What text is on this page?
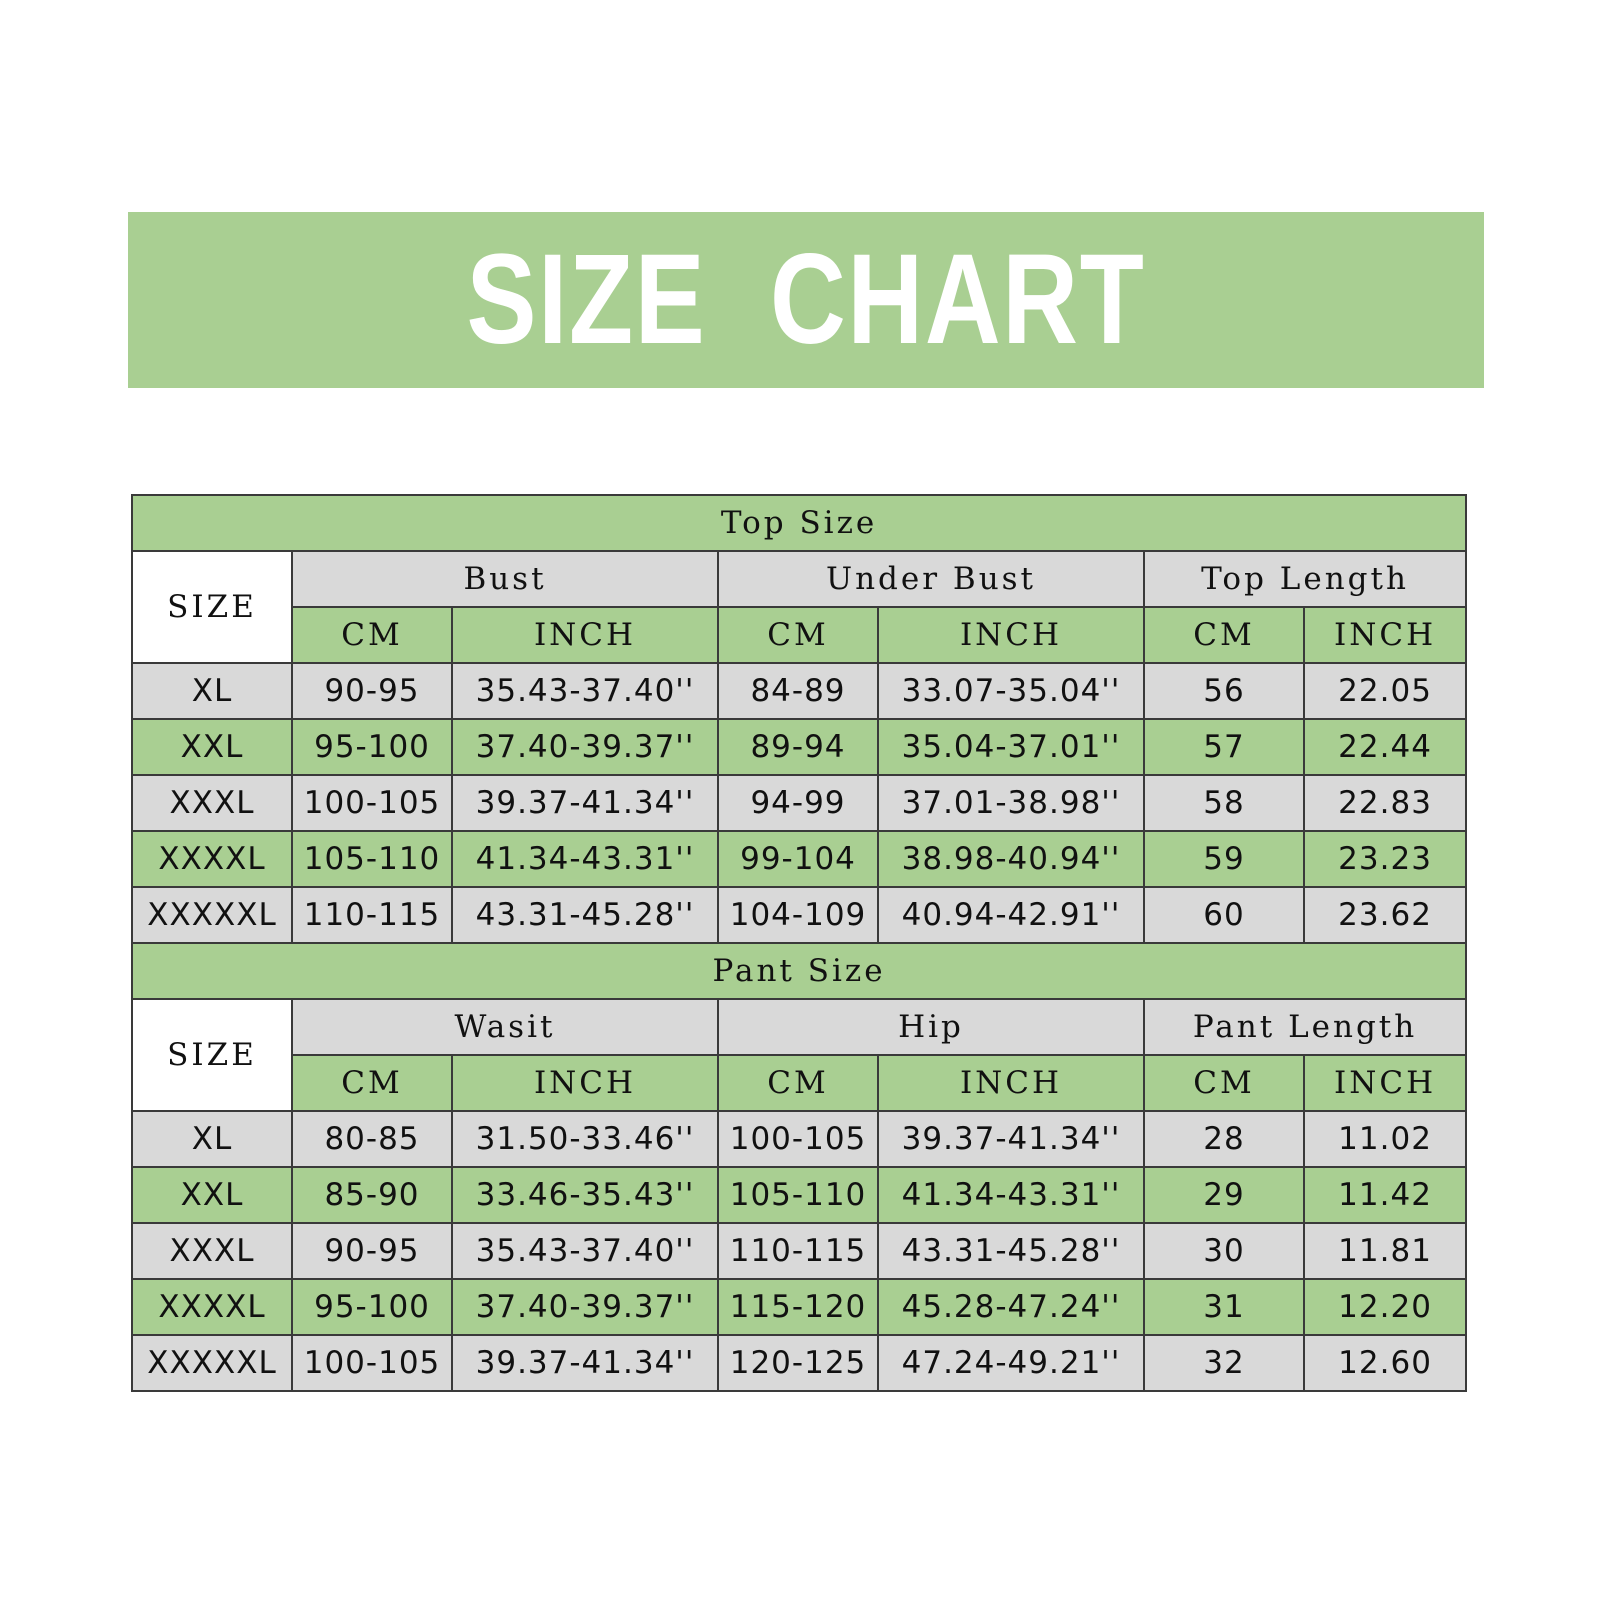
SIZE CHART
Top Size						
SIZE	Bust		Under Bust		Top Length	
	CM	INCH	CM	INCH	CM	INCH
XL	90-95	35.43-37.40''	84-89	33.07-35.04''	56	22.05
XXL	95-100	37.40-39.37''	89-94	35.04-37.01''	57	22.44
XXXL	100-105	39.37-41.34''	94-99	37.01-38.98''	58	22.83
XXXXL	105-110	41.34-43.31''	99-104	38.98-40.94''	59	23.23
XXXXXL	110-115	43.31-45.28''	104-109	40.94-42.91''	60	23.62
Pant Size						
SIZE	Wasit		Hip		Pant Length	
	CM	INCH	CM	INCH	CM	INCH
XL	80-85	31.50-33.46''	100-105	39.37-41.34''	28	11.02
XXL	85-90	33.46-35.43''	105-110	41.34-43.31''	29	11.42
XXXL	90-95	35.43-37.40''	110-115	43.31-45.28''	30	11.81
XXXXL	95-100	37.40-39.37''	115-120	45.28-47.24''	31	12.20
XXXXXL	100-105	39.37-41.34''	120-125	47.24-49.21''	32	12.60
